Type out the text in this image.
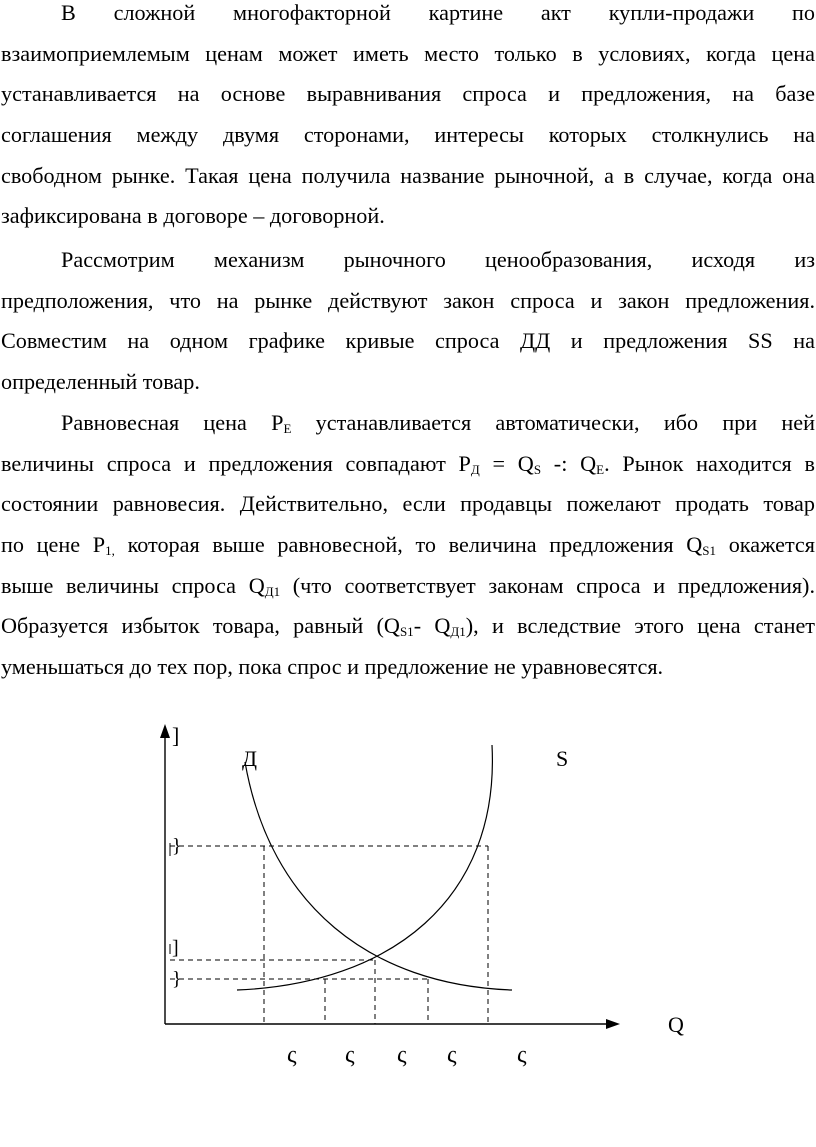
В сложной многофакторной картине акт купли-продажи по
взаимоприемлемым ценам может иметь место только в условиях, когда цена
устанавливается на основе выравнивания спроса и предложения, на базе
соглашения между двумя сторонами, интересы которых столкнулись на
свободном рынке. Такая цена получила название рыночной, а в случае, когда она
зафиксирована в договоре – договорной.
Рассмотрим механизм рыночного ценообразования, исходя из
предположения, что на рынке действуют закон спроса и закон предложения.
Совместим на одном графике кривые спроса ДД и предложения SS на
определенный товар.
Равновесная цена $P_E$ устанавливается автоматически, ибо при ней
величины спроса и предложения совпадают $P_Д = Q_S$ -: $Q_E$. Рынок находится в
состоянии равновесия. Действительно, если продавцы пожелают продать товар
по цене $P_{1,}$ которая выше равновесной, то величина предложения $Q_{S1}$ окажется
выше величины спроса $Q_{Д1}$ (что соответствует законам спроса и предложения).
Образуется избыток товара, равный ($Q_{S1}-$ $Q_{Д1}$), и вследствие этого цена станет
уменьшаться до тех пор, пока спрос и предложение не уравновесятся.
]
Д	S
Q
}
]
}
ς ς ς ς	ς
